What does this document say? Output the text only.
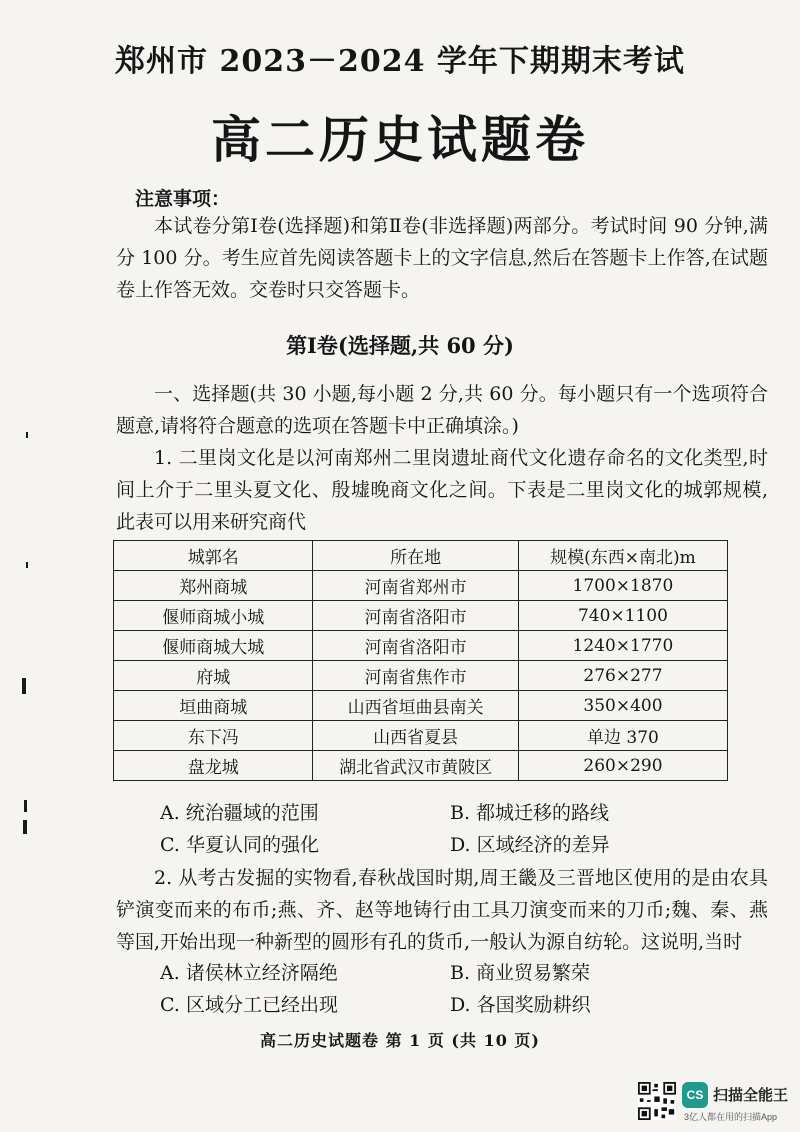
郑州市 2023－2024 学年下期期末考试
高二历史试题卷
注意事项：
本试卷分第Ⅰ卷(选择题)和第Ⅱ卷(非选择题)两部分。考试时间 90 分钟,满分 100 分。考生应首先阅读答题卡上的文字信息,然后在答题卡上作答,在试题卷上作答无效。交卷时只交答题卡。
第Ⅰ卷(选择题,共 60 分)
一、选择题(共 30 小题,每小题 2 分,共 60 分。每小题只有一个选项符合题意,请将符合题意的选项在答题卡中正确填涂。)
1. 二里岗文化是以河南郑州二里岗遗址商代文化遗存命名的文化类型,时间上介于二里头夏文化、殷墟晚商文化之间。下表是二里岗文化的城郭规模,此表可以用来研究商代
城郭名	所在地	规模(东西×南北)m
郑州商城	河南省郑州市	1700×1870
偃师商城小城	河南省洛阳市	740×1100
偃师商城大城	河南省洛阳市	1240×1770
府城	河南省焦作市	276×277
垣曲商城	山西省垣曲县南关	350×400
东下冯	山西省夏县	单边 370
盘龙城	湖北省武汉市黄陂区	260×290
A. 统治疆域的范围	B. 都城迁移的路线
C. 华夏认同的强化	D. 区域经济的差异
2. 从考古发掘的实物看,春秋战国时期,周王畿及三晋地区使用的是由农具铲演变而来的布币;燕、齐、赵等地铸行由工具刀演变而来的刀币;魏、秦、燕等国,开始出现一种新型的圆形有孔的货币,一般认为源自纺轮。这说明,当时
A. 诸侯林立经济隔绝	B. 商业贸易繁荣
C. 区域分工已经出现	D. 各国奖励耕织
高二历史试题卷 第 1 页 (共 10 页)
CS 扫描全能王
3亿人都在用的扫描App
